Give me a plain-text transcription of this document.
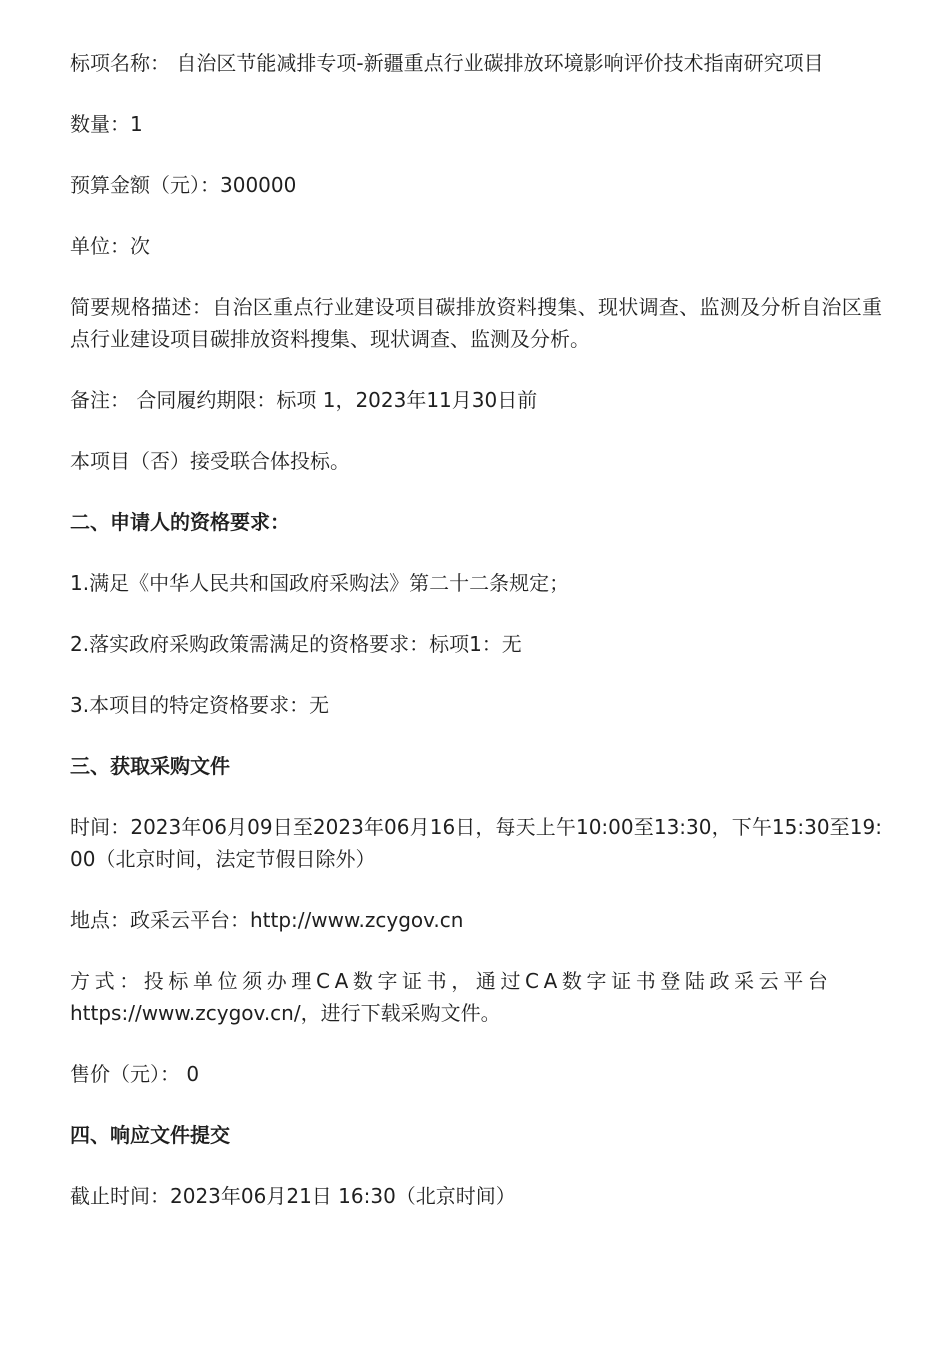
标项名称： 自治区节能减排专项-新疆重点行业碳排放环境影响评价技术指南研究项目

数量：1

预算金额（元）：300000

单位：次

简要规格描述：自治区重点行业建设项目碳排放资料搜集、现状调查、监测及分析自治区重点行业建设项目碳排放资料搜集、现状调查、监测及分析。

备注： 合同履约期限：标项 1，2023年11月30日前

本项目（否）接受联合体投标。

二、申请人的资格要求：

1.满足《中华人民共和国政府采购法》第二十二条规定；

2.落实政府采购政策需满足的资格要求：标项1：无

3.本项目的特定资格要求：无

三、获取采购文件

时间：2023年06月09日至2023年06月16日，每天上午10:00至13:30，下午15:30至19:00（北京时间，法定节假日除外）

地点：政采云平台：http://www.zcygov.cn

方式：投标单位须办理CA数字证书，通过CA数字证书登陆政采云平台
https://www.zcygov.cn/，进行下载采购文件。

售价（元）： 0

四、响应文件提交

截止时间：2023年06月21日 16:30（北京时间）
